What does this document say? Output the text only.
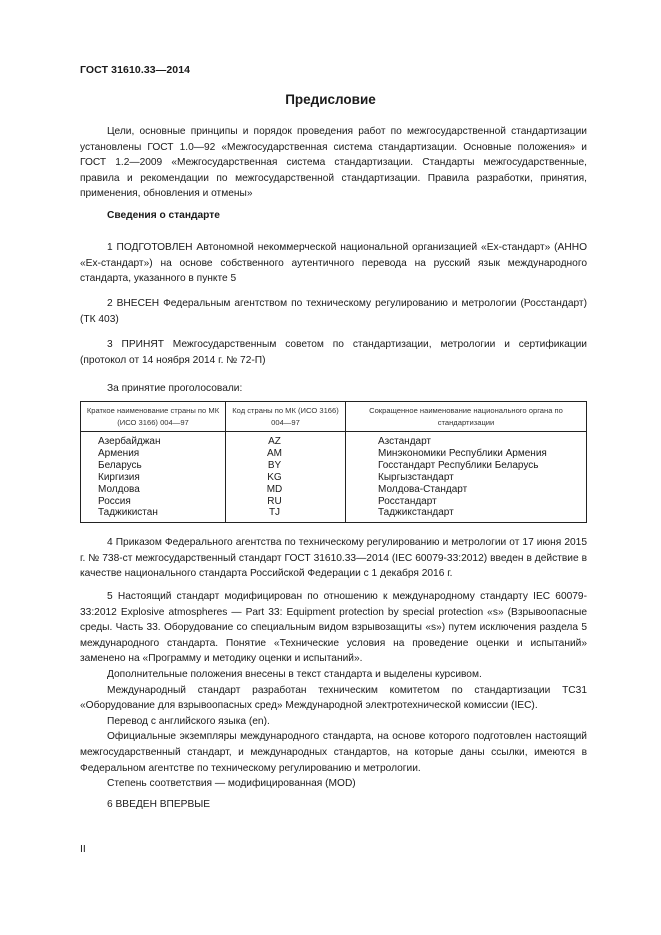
ГОСТ 31610.33—2014
Предисловие

Цели, основные принципы и порядок проведения работ по межгосударственной стандартизации установлены ГОСТ 1.0—92 «Межгосударственная система стандартизации. Основные положения» и ГОСТ 1.2—2009 «Межгосударственная система стандартизации. Стандарты межгосударственные, правила и рекомендации по межгосударственной стандартизации. Правила разработки, принятия, применения, обновления и отмены»

Сведения о стандарте

1 ПОДГОТОВЛЕН Автономной некоммерческой национальной организацией «Ex-стандарт» (АННО «Ex-стандарт») на основе собственного аутентичного перевода на русский язык международного стандарта, указанного в пункте 5

2 ВНЕСЕН Федеральным агентством по техническому регулированию и метрологии (Росстандарт) (ТК 403)

3 ПРИНЯТ Межгосударственным советом по стандартизации, метрологии и сертификации (протокол от 14 ноября 2014 г. № 72-П)

За принятие проголосовали:

Краткое наименование страны по МК (ИСО 3166) 004—97	Код страны по МК (ИСО 3166) 004—97	Сокращенное наименование национального органа по стандартизации
Азербайджан	AZ	Азстандарт
Армения	AM	Минэкономики Республики Армения
Беларусь	BY	Госстандарт Республики Беларусь
Киргизия	KG	Кыргызстандарт
Молдова	MD	Молдова-Стандарт
Россия	RU	Росстандарт
Таджикистан	TJ	Таджикстандарт

4 Приказом Федерального агентства по техническому регулированию и метрологии от 17 июня 2015 г. № 738-ст межгосударственный стандарт ГОСТ 31610.33—2014 (IEC 60079-33:2012) введен в действие в качестве национального стандарта Российской Федерации с 1 декабря 2016 г.

5 Настоящий стандарт модифицирован по отношению к международному стандарту IEC 60079-33:2012 Explosive atmospheres — Part 33: Equipment protection by special protection «s» (Взрывоопасные среды. Часть 33. Оборудование со специальным видом взрывозащиты «s») путем исключения раздела 5 международного стандарта. Понятие «Технические условия на проведение оценки и испытаний» заменено на «Программу и методику оценки и испытаний».

Дополнительные положения внесены в текст стандарта и выделены курсивом.

Международный стандарт разработан техническим комитетом по стандартизации ТС31 «Оборудование для взрывоопасных сред» Международной электротехнической комиссии (IEC).

Перевод с английского языка (en).

Официальные экземпляры международного стандарта, на основе которого подготовлен настоящий межгосударственный стандарт, и международных стандартов, на которые даны ссылки, имеются в Федеральном агентстве по техническому регулированию и метрологии.

Степень соответствия — модифицированная (MOD)

6 ВВЕДЕН ВПЕРВЫЕ

II
